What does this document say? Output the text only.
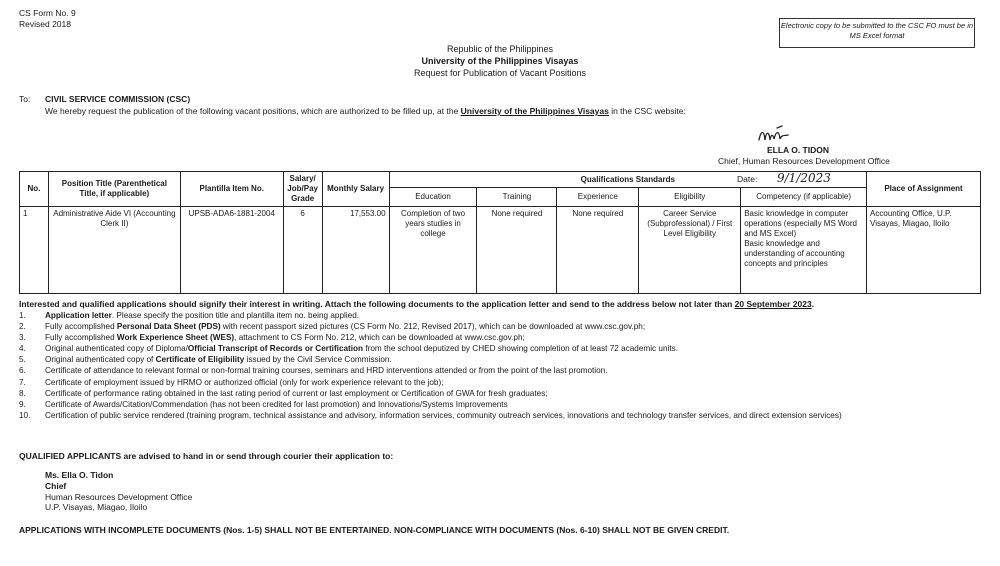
CS Form No. 9
Revised 2018	Electronic copy to be submitted to the CSC FO must be in MS Excel format
Republic of the Philippines
University of the Philippines Visayas
Request for Publication of Vacant Positions
To: CIVIL SERVICE COMMISSION (CSC)
We hereby request the publication of the following vacant positions, which are authorized to be filled up, at the University of the Philippines Visayas in the CSC website:
ELLA O. TIDON
Chief, Human Resources Development Office
Date: 9/1/2023
No.	Position Title (Parenthetical Title, if applicable)	Plantilla Item No.	Salary/ Job/Pay Grade	Monthly Salary	Qualifications Standards					Place of Assignment
					Education	Training	Experience	Eligibility	Competency (if applicable)	
1	Administrative Aide VI (Accounting Clerk II)	UPSB-ADA6-1881-2004	6	17,553.00	Completion of two years studies in college	None required	None required	Career Service (Subprofessional) / First Level Eligibility	Basic knowledge in computer operations (especially MS Word and MS Excel)
Basic knowledge and understanding of accounting concepts and principles	Accounting Office, U.P. Visayas, Miagao, Iloilo
Interested and qualified applications should signify their interest in writing. Attach the following documents to the application letter and send to the address below not later than 20 September 2023.
1. Application letter. Please specify the position title and plantilla item no. being applied.
2. Fully accomplished Personal Data Sheet (PDS) with recent passport sized pictures (CS Form No. 212, Revised 2017), which can be downloaded at www.csc.gov.ph;
3. Fully accomplished Work Experience Sheet (WES), attachment to CS Form No. 212, which can be downloaded at www.csc.gov.ph;
4. Original authenticated copy of Diploma/Official Transcript of Records or Certification from the school deputized by CHED showing completion of at least 72 academic units.
5. Original authenticated copy of Certificate of Eligibility issued by the Civil Service Commission.
6. Certificate of attendance to relevant formal or non-formal training courses, seminars and HRD interventions attended or from the point of the last promotion.
7. Certificate of employment issued by HRMO or authorized official (only for work experience relevant to the job);
8. Certificate of performance rating obtained in the last rating period of current or last employment or Certification of GWA for fresh graduates;
9. Certificate of Awards/Citation/Commendation (has not been credited for last promotion) and Innovations/Systems Improvements
10. Certification of public service rendered (training program, technical assistance and advisory, information services, community outreach services, innovations and technology transfer services, and direct extension services)
QUALIFIED APPLICANTS are advised to hand in or send through courier their application to:
Ms. Ella O. Tidon
Chief
Human Resources Development Office
U.P. Visayas, Miagao, Iloilo
APPLICATIONS WITH INCOMPLETE DOCUMENTS (Nos. 1-5) SHALL NOT BE ENTERTAINED. NON-COMPLIANCE WITH DOCUMENTS (Nos. 6-10) SHALL NOT BE GIVEN CREDIT.
